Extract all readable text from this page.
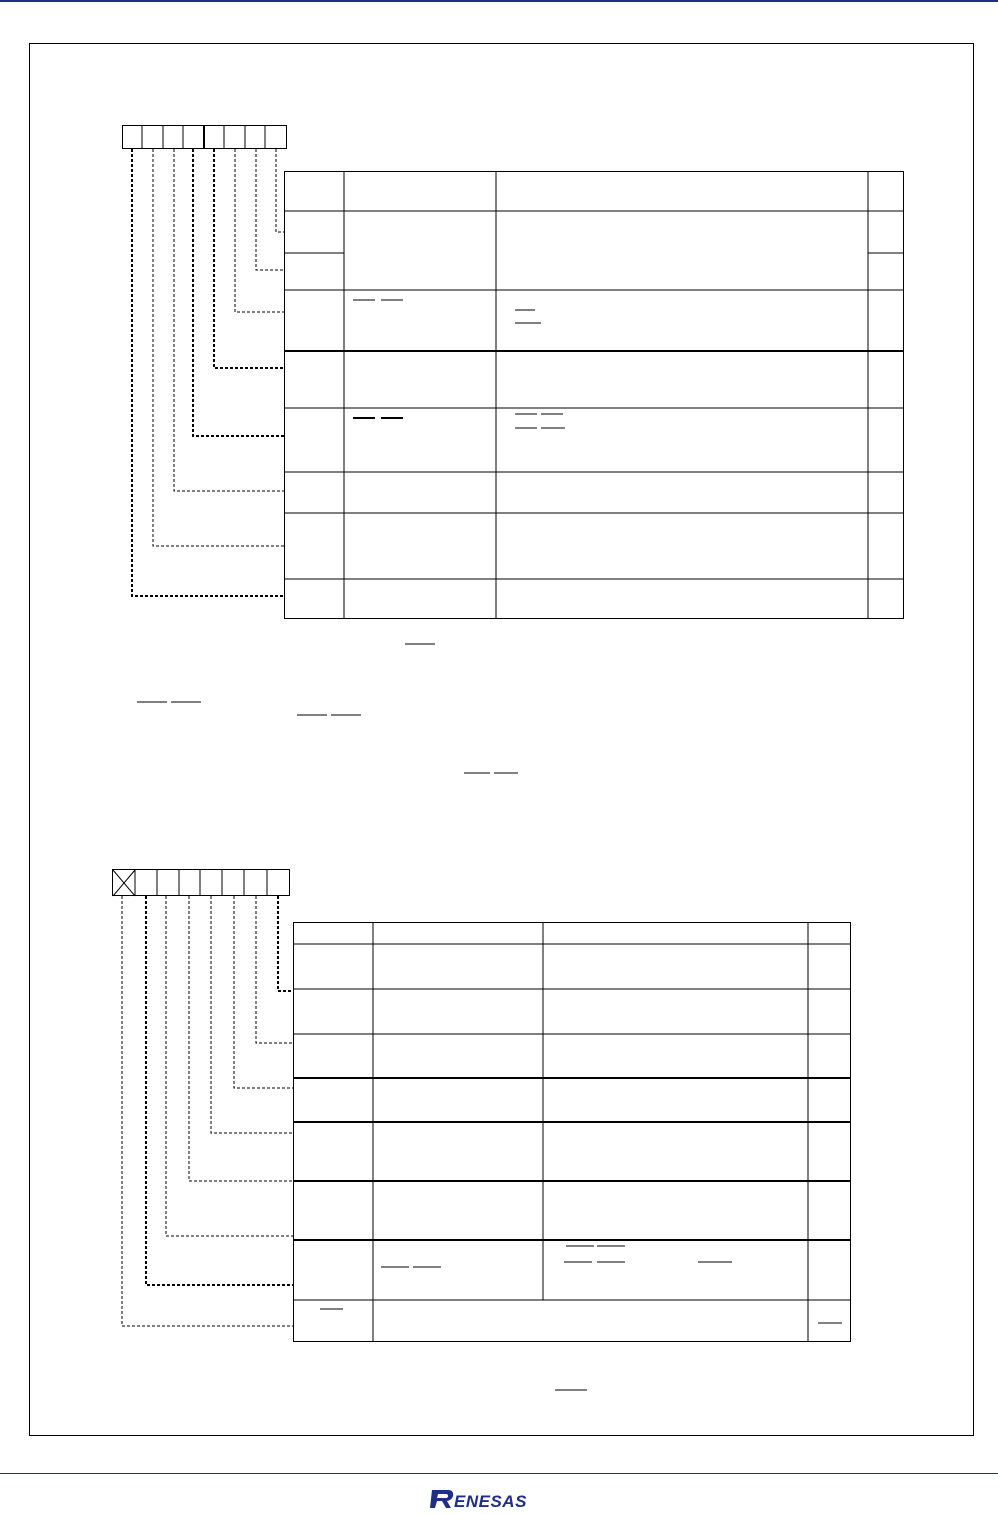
ENESAS
